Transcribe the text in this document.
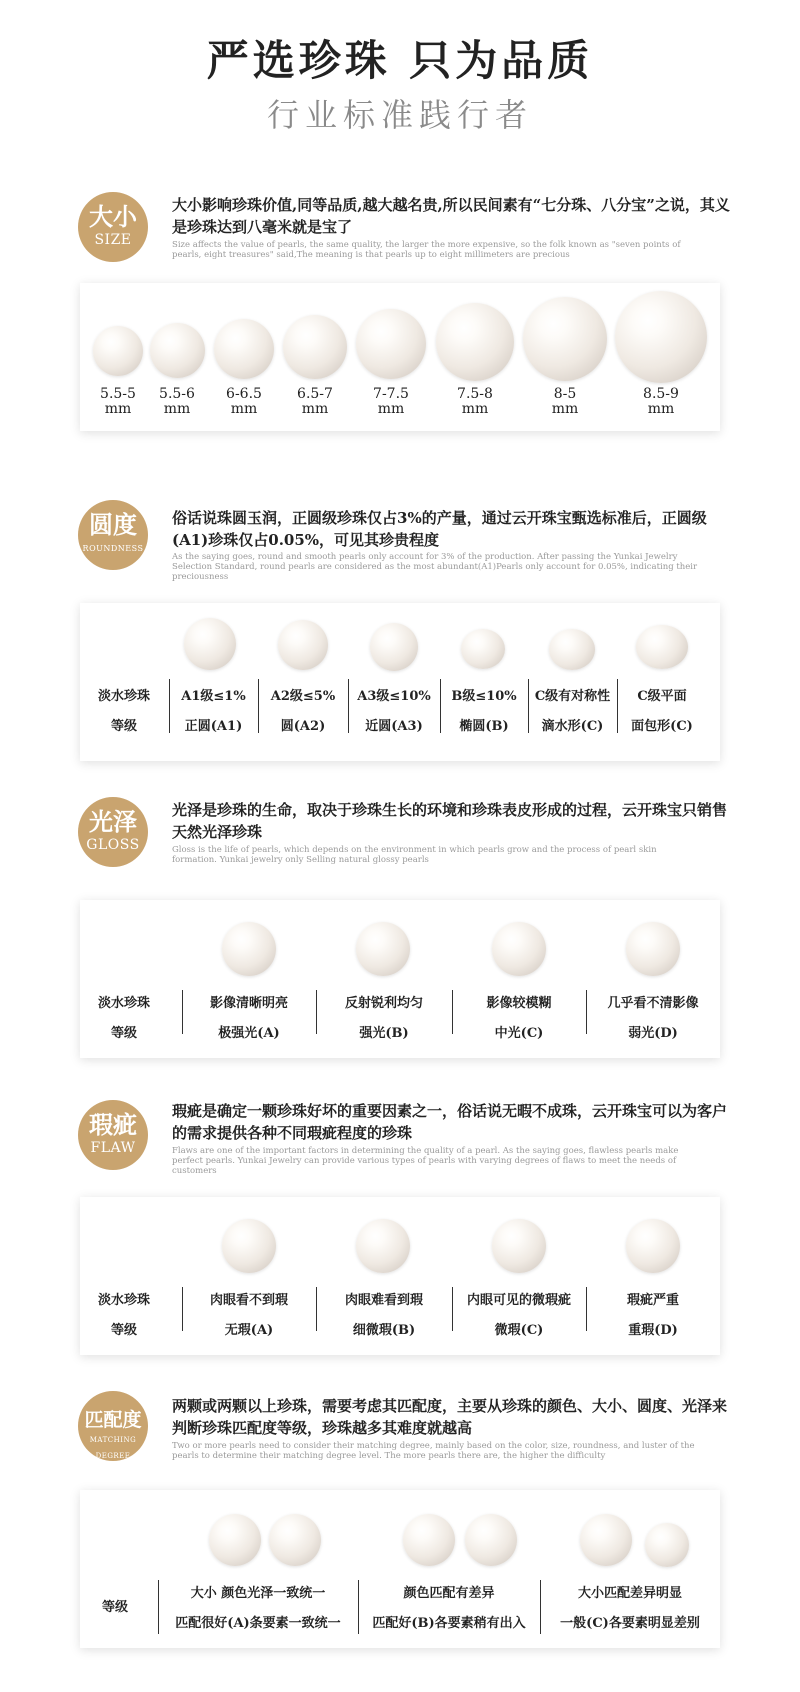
严选珍珠 只为品质
行业标准践行者
大小
SIZE
大小影响珍珠价值,同等品质,越大越名贵,所以民间素有“七分珠、八分宝”之说，其义是珍珠达到八毫米就是宝了
Size affects the value of pearls, the same quality, the larger the more expensive, so the folk known as "seven points of pearls, eight treasures" said,The meaning is that pearls up to eight millimeters are precious
5.5-5
mm
5.5-6
mm
6-6.5
mm
6.5-7
mm
7-7.5
mm
7.5-8
mm
8-5
mm
8.5-9
mm
圆度
ROUNDNESS
俗话说珠圆玉润，正圆级珍珠仅占3%的产量，通过云开珠宝甄选标准后，正圆级(A1)珍珠仅占0.05%，可见其珍贵程度
As the saying goes, round and smooth pearls only account for 3% of the production. After passing the Yunkai Jewelry Selection Standard, round pearls are considered as the most abundant(A1)Pearls only account for 0.05%, indicating their preciousness
淡水珍珠
等级
A1级≤1%
正圆(A1)
A2级≤5%
圆(A2)
A3级≤10%
近圆(A3)
B级≤10%
椭圆(B)
C级有对称性
滴水形(C)
C级平面
面包形(C)
光泽
GLOSS
光泽是珍珠的生命，取决于珍珠生长的环境和珍珠表皮形成的过程，云开珠宝只销售天然光泽珍珠
Gloss is the life of pearls, which depends on the environment in which pearls grow and the process of pearl skin formation. Yunkai jewelry only Selling natural glossy pearls
淡水珍珠
等级
影像清晰明亮
极强光(A)
反射锐利均匀
强光(B)
影像较模糊
中光(C)
几乎看不清影像
弱光(D)
瑕疵
FLAW
瑕疵是确定一颗珍珠好坏的重要因素之一，俗话说无暇不成珠，云开珠宝可以为客户的需求提供各种不同瑕疵程度的珍珠
Flaws are one of the important factors in determining the quality of a pearl. As the saying goes, flawless pearls make perfect pearls. Yunkai Jewelry can provide various types of pearls with varying degrees of flaws to meet the needs of customers
淡水珍珠
等级
肉眼看不到瑕
无瑕(A)
肉眼难看到瑕
细微瑕(B)
内眼可见的微瑕疵
微瑕(C)
瑕疵严重
重瑕(D)
匹配度
MATCHING DEGREE
两颗或两颗以上珍珠，需要考虑其匹配度，主要从珍珠的颜色、大小、圆度、光泽来判断珍珠匹配度等级，珍珠越多其难度就越高
Two or more pearls need to consider their matching degree, mainly based on the color, size, roundness, and luster of the pearls to determine their matching degree level. The more pearls there are, the higher the difficulty
等级
大小 颜色光泽一致统一
匹配很好(A)条要素一致统一
颜色匹配有差异
匹配好(B)各要素稍有出入
大小匹配差异明显
一般(C)各要素明显差别
